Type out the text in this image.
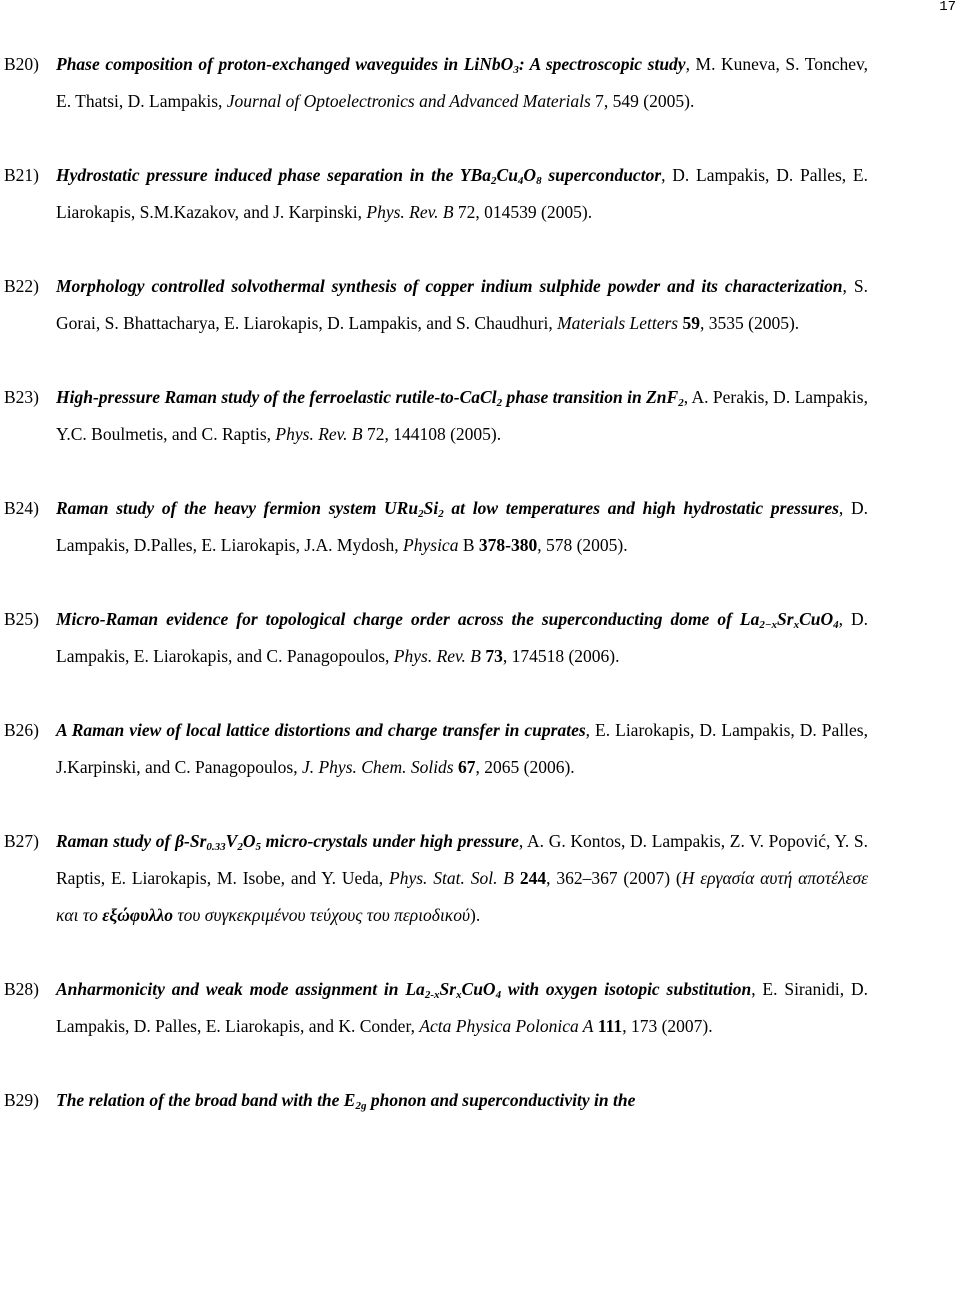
17
B20) Phase composition of proton-exchanged waveguides in LiNbO$_3$: A spectroscopic study, M. Kuneva, S. Tonchev, E. Thatsi, D. Lampakis, Journal of Optoelectronics and Advanced Materials 7, 549 (2005).
B21) Hydrostatic pressure induced phase separation in the $YBa_2Cu_4O_8$ superconductor, D. Lampakis, D. Palles, E. Liarokapis, S.M.Kazakov, and J. Karpinski, Phys. Rev. B 72, 014539 (2005).
B22) Morphology controlled solvothermal synthesis of copper indium sulphide powder and its characterization, S. Gorai, S. Bhattacharya, E. Liarokapis, D. Lampakis, and S. Chaudhuri, Materials Letters 59, 3535 (2005).
B23) High-pressure Raman study of the ferroelastic rutile-to-CaCl$_2$ phase transition in ZnF$_2$, A. Perakis, D. Lampakis, Y.C. Boulmetis, and C. Raptis, Phys. Rev. B 72, 144108 (2005).
B24) Raman study of the heavy fermion system $URu_2Si_2$ at low temperatures and high hydrostatic pressures, D. Lampakis, D.Palles, E. Liarokapis, J.A. Mydosh, Physica B 378-380, 578 (2005).
B25) Micro-Raman evidence for topological charge order across the superconducting dome of $La_{2-x}Sr_xCuO_4$, D. Lampakis, E. Liarokapis, and C. Panagopoulos, Phys. Rev. B 73, 174518 (2006).
B26) A Raman view of local lattice distortions and charge transfer in cuprates, E. Liarokapis, D. Lampakis, D. Palles, J.Karpinski, and C. Panagopoulos, J. Phys. Chem. Solids 67, 2065 (2006).
B27) Raman study of $\beta-Sr_{0.33}V_2O_5$ micro-crystals under high pressure, A. G. Kontos, D. Lampakis, Z. V. Popović, Y. S. Raptis, E. Liarokapis, M. Isobe, and Y. Ueda, Phys. Stat. Sol. B 244, 362–367 (2007) (Η εργασία αυτή αποτέλεσε και το εξώφυλλο του συγκεκριμένου τεύχους του περιοδικού).
B28) Anharmonicity and weak mode assignment in $La_{2-x}Sr_xCuO_4$ with oxygen isotopic substitution, E. Siranidi, D. Lampakis, D. Palles, E. Liarokapis, and K. Conder, Acta Physica Polonica A 111, 173 (2007).
B29) The relation of the broad band with the $E_{2g}$ phonon and superconductivity in the
